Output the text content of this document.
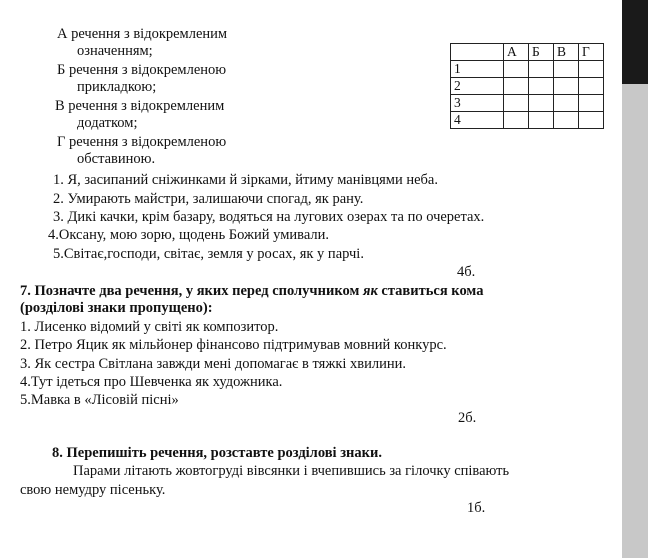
А речення з відокремленим
означенням;
Б речення з відокремленою
прикладкою;
В речення з відокремленим
додатком;
Г речення з відокремленою
обставиною.
	А	Б	В	Г
1				
2				
3				
4				
1. Я, засипаний сніжинками й зірками, йтиму манівцями неба.
2. Умирають майстри, залишаючи спогад, як рану.
3. Дикі качки, крім базару, водяться на лугових озерах та по очеретах.
4.Оксану, мою зорю, щодень Божий умивали.
5.Світає,господи, світає, земля у росах, як у парчі.
4б.
7. Позначте два речення, у яких перед сполучником як ставиться кома
(розділові знаки пропущено):
1. Лисенко відомий у світі як композитор.
2. Петро Яцик як мільйонер фінансово підтримував мовний конкурс.
3. Як сестра Світлана завжди мені допомагає в тяжкі хвилини.
4.Тут ідеться про Шевченка як художника.
5.Мавка в «Лісовій пісні»
2б.
8. Перепишіть речення, розставте розділові знаки.
Парами літають жовтогруді вівсянки і вчепившись за гілочку співають
свою немудру пісеньку.
1б.
